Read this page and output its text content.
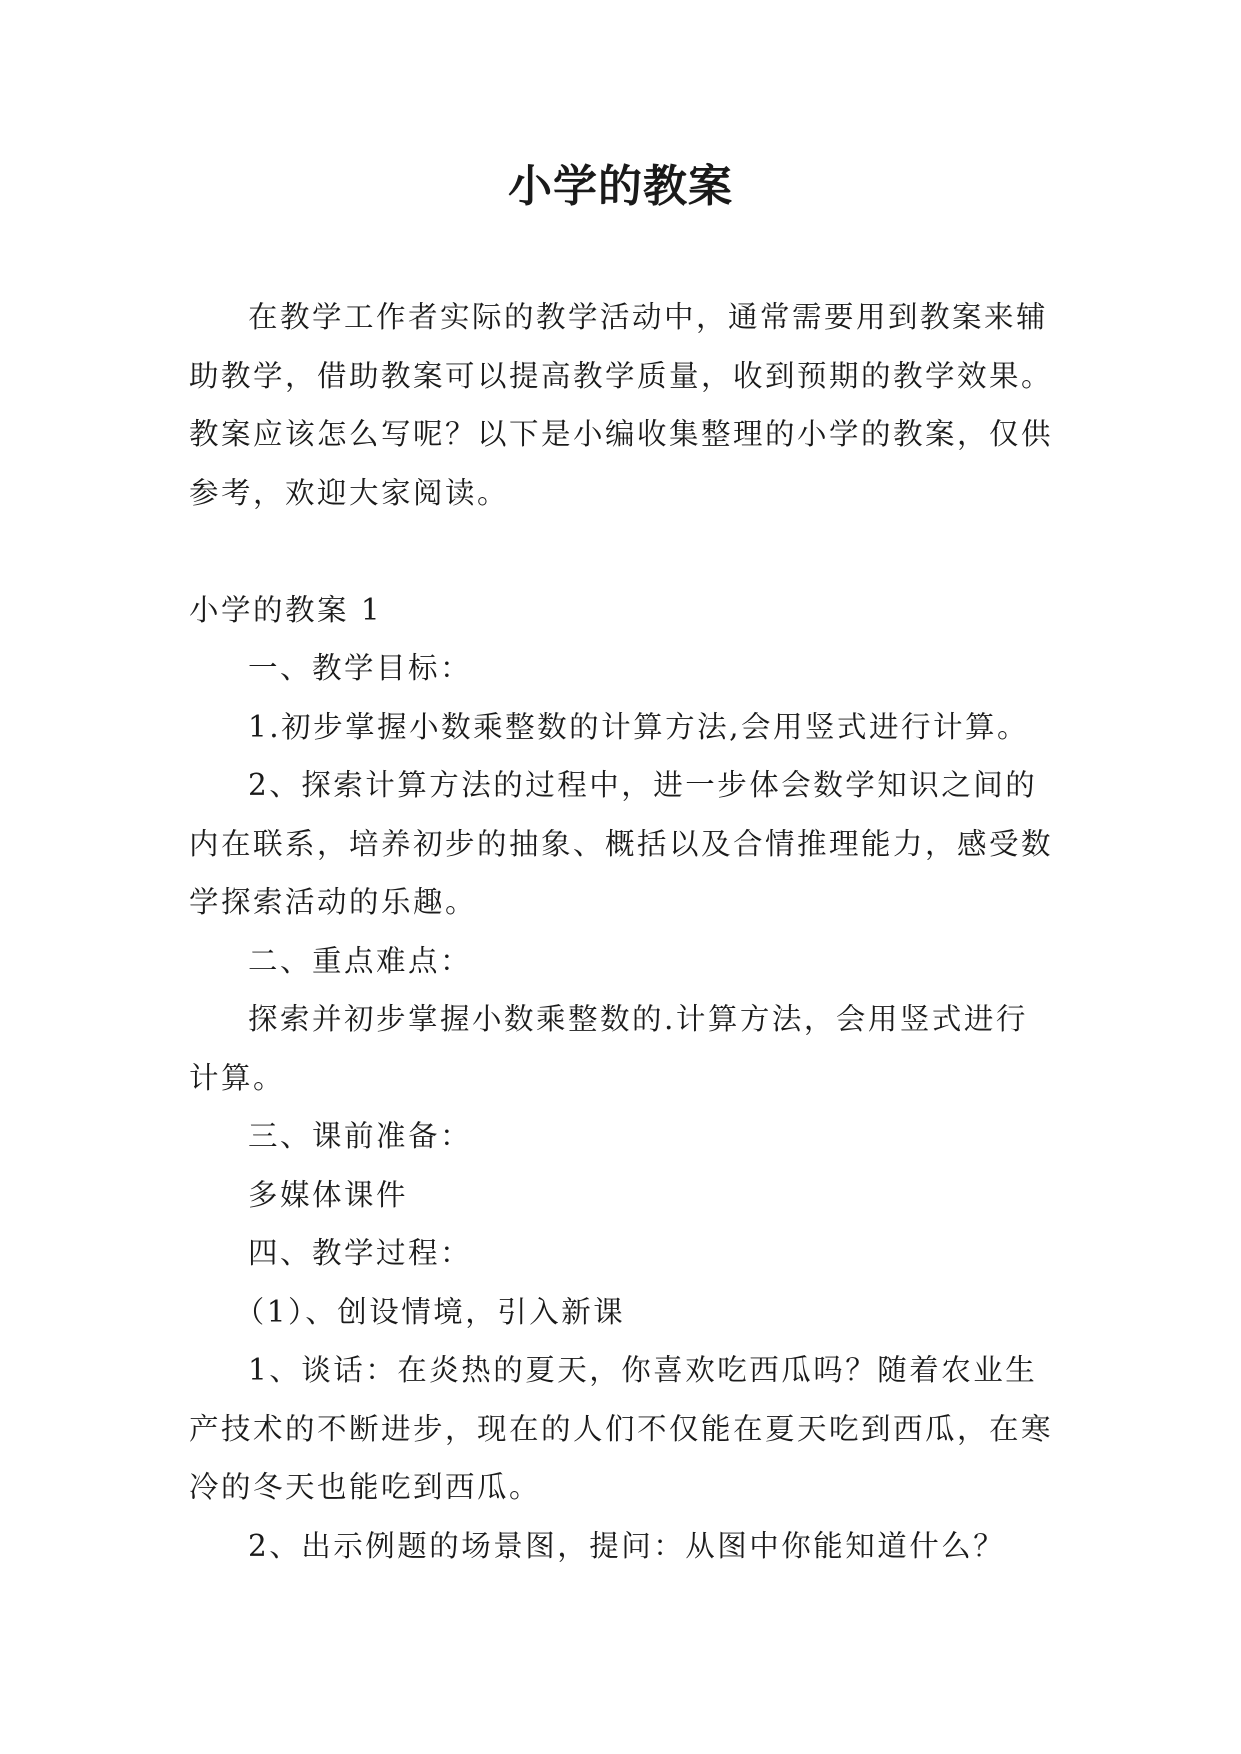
小学的教案

在教学工作者实际的教学活动中，通常需要用到教案来辅助教学，借助教案可以提高教学质量，收到预期的教学效果。教案应该怎么写呢？以下是小编收集整理的小学的教案，仅供参考，欢迎大家阅读。

小学的教案 1

一、教学目标：

1.初步掌握小数乘整数的计算方法,会用竖式进行计算。

2、探索计算方法的过程中，进一步体会数学知识之间的内在联系，培养初步的抽象、概括以及合情推理能力，感受数学探索活动的乐趣。

二、重点难点：

探索并初步掌握小数乘整数的.计算方法，会用竖式进行计算。

三、课前准备：

多媒体课件

四、教学过程：

（1）、创设情境，引入新课

1、谈话：在炎热的夏天，你喜欢吃西瓜吗？随着农业生产技术的不断进步，现在的人们不仅能在夏天吃到西瓜，在寒冷的冬天也能吃到西瓜。

2、出示例题的场景图，提问：从图中你能知道什么？
